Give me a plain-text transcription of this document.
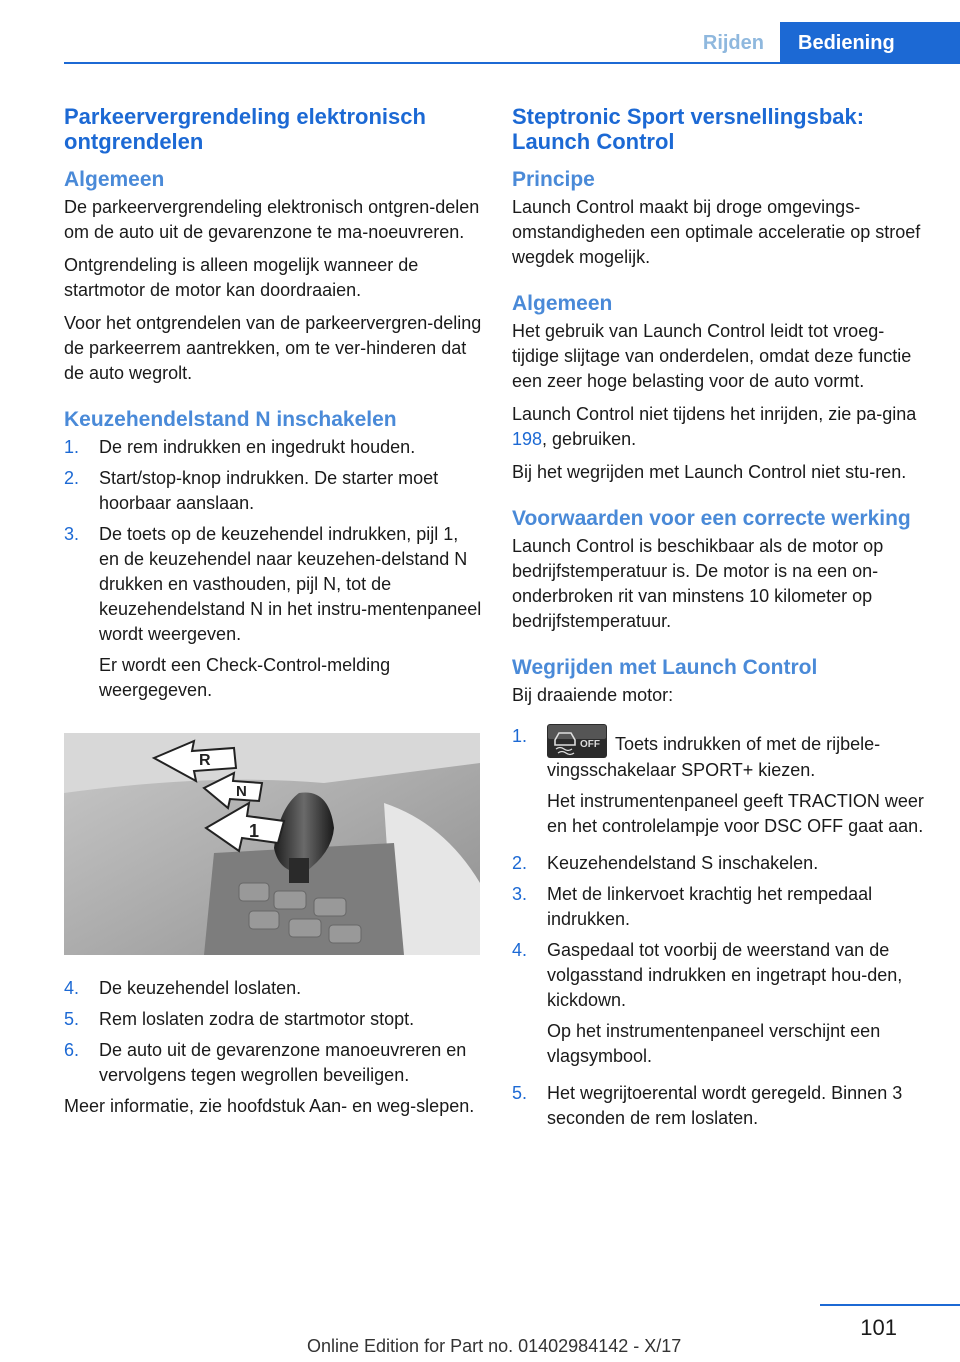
Rijden	Bediening
Parkeervergrendeling elektronisch ontgrendelen
Algemeen

De parkeervergrendeling elektronisch ontgren‐delen om de auto uit de gevarenzone te ma‐noeuvreren.

Ontgrendeling is alleen mogelijk wanneer de startmotor de motor kan doordraaien.

Voor het ontgrendelen van de parkeervergren‐deling de parkeerrem aantrekken, om te ver‐hinderen dat de auto wegrolt.

Keuzehendelstand N inschakelen
1.	De rem indrukken en ingedrukt houden.
2.	Start/stop-knop indrukken. De starter moet hoorbaar aanslaan.
3.	De toets op de keuzehendel indrukken, pijl 1, en de keuzehendel naar keuzehen‐delstand N drukken en vasthouden, pijl N, tot de keuzehendelstand N in het instru‐mentenpaneel wordt weergeven.

Er wordt een Check-Control-melding weergegeven.

R
N
1
4.	De keuzehendel loslaten.
5.	Rem loslaten zodra de startmotor stopt.
6.	De auto uit de gevarenzone manoeuvreren en vervolgens tegen wegrollen beveiligen.

Meer informatie, zie hoofdstuk Aan- en weg‐slepen.

Steptronic Sport versnellingsbak: Launch Control
Principe

Launch Control maakt bij droge omgevings‐omstandigheden een optimale acceleratie op stroef wegdek mogelijk.

Algemeen

Het gebruik van Launch Control leidt tot vroeg‐tijdige slijtage van onderdelen, omdat deze functie een zeer hoge belasting voor de auto vormt.

Launch Control niet tijdens het inrijden, zie pa‐gina 198, gebruiken.

Bij het wegrijden met Launch Control niet stu‐ren.

Voorwaarden voor een correcte werking

Launch Control is beschikbaar als de motor op bedrijfstemperatuur is. De motor is na een on‐onderbroken rit van minstens 10 kilometer op bedrijfstemperatuur.

Wegrijden met Launch Control

Bij draaiende motor:

1.	OFF Toets indrukken of met de rijbele‐vingsschakelaar SPORT+ kiezen.

Het instrumentenpaneel geeft TRACTION weer en het controlelampje voor DSC OFF gaat aan.

2.	Keuzehendelstand S inschakelen.
3.	Met de linkervoet krachtig het rempedaal indrukken.
4.	Gaspedaal tot voorbij de weerstand van de volgasstand indrukken en ingetrapt hou‐den, kickdown.

Op het instrumentenpaneel verschijnt een vlagsymbool.

5.	Het wegrijtoerental wordt geregeld. Binnen 3 seconden de rem loslaten.
101
Online Edition for Part no. 01402984142 - X/17
